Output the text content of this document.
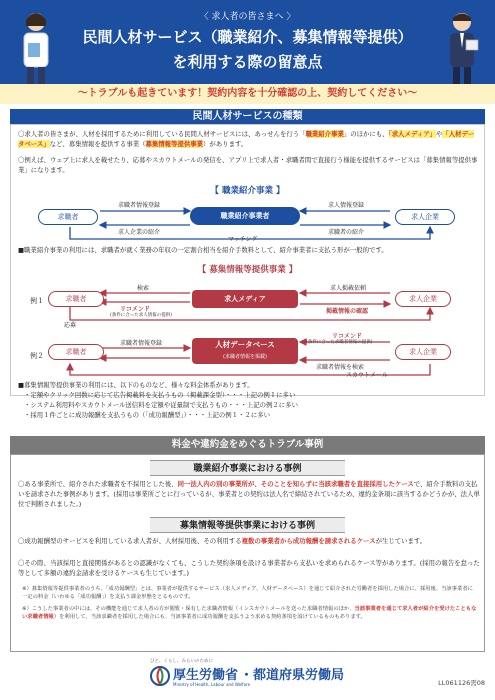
〈 求人者の皆さまへ 〉
民間人材サービス（職業紹介、募集情報等提供）
を利用する際の留意点
〜トラブルも起きています！契約内容を十分確認の上、契約してください〜
民間人材サービスの種類
〇求人者の皆さまが、人材を採用するために利用している民間人材サービスには、あっせんを行う「職業紹介事業」のほかにも、「求人メディア」や「人材データベース」など、募集情報を提供する事業（募集情報等提供事業）があります。
〇例えば、ウェブ上に求人を載せたり、応募やスカウトメールの発信を、アプリ上で求人者・求職者間で直接行う様能を提供するサービスは「募集情報等提供事業」になります。
【 職業紹介事業 】
求職者	職業紹介事業者	求人企業
求職者情報登録
求人企業の紹介
求人情報登録
求職者の紹介
マッチング
■職業紹介事業の利用には、求職者が就く業務の年収の一定割合相当を紹介手数料として、紹介事業者に支払う形が一般的です。
【 募集情報等提供事業 】
例１	求職者	求人メディア	求人企業
検索
リコメンド
(条件に合った求人情報の提供)
応募
求人掲載依頼
掲載情報の確認
例２	求職者
人材データベース
(求職者情報を掲載)
求人企業
求職者情報登録
リコメンド
(条件に合った求職者情報の提供)
求職者情報を検索
スカウトメール
■募集情報等提供事業の利用には、以下のものなど、様々な料金体系があります。
・定額やクリック回数に応じて広告掲載料を支払うもの（掲載課金型）・・・上記の例１に多い
・システム利用料やスカウトメール送信料を定額や従量制で支払うもの・・・上記の例２に多い
・採用１件ごとに成功報酬を支払うもの（「成功報酬型」）・・・上記の例１・２に多い
料金や違約金をめぐるトラブル事例
職業紹介事業における事例
〇ある事業所で、紹介された求職者を不採用とした後、同一法人内の別の事業所が、そのことを知らずに当該求職者を直接採用したケースで、紹介手数料の支払いを請求された事例があります。(採用は事業所ごとに行っているが、事業者との契約は法人名で締結されているため、違約金条項に該当するかどうかが、法人単位で判断されました。)
募集情報等提供事業における事例
〇成功報酬型のサービスを利用している求人者が、人材採用後、その利用する複数の事業者から成功報酬を請求されるケースが生じています。
〇その際、当該採用と直接関係があるとの認識がなくても、こうした契約条項を設ける事業者から支払いを求められるケース等があります。(採用の報告を怠った等として多額の違約金請求を受けるケースも生じています。)
※）募集情報等提供事業者のうち、「成功報酬型」とは、事業者が提供するサービス（求人メディア、人材データベース）を通じて紹介された労働者を採用した場合に、採用後、当該事業者に一定の料金（いわゆる「成功報酬」）を支払う課金形態をとるものです。
※）こうした事業者の中には、その機能を通じて求人者の方が閲覧・保有した求職者情報（インスカウトメールを送った求職者情報のほか、当該事業者を通じて求人者が紹介を受けたこともない求職者情報）を利用して、当該求職者を採用した場合にも、当該事業者に成功報酬を支払うよう求める契約条項を設けているものもあります。
ひと、くらし、みらいのために
厚生労働省
Ministry of Health, Labour and Welfare
・都道府県労働局	LL061126需08
